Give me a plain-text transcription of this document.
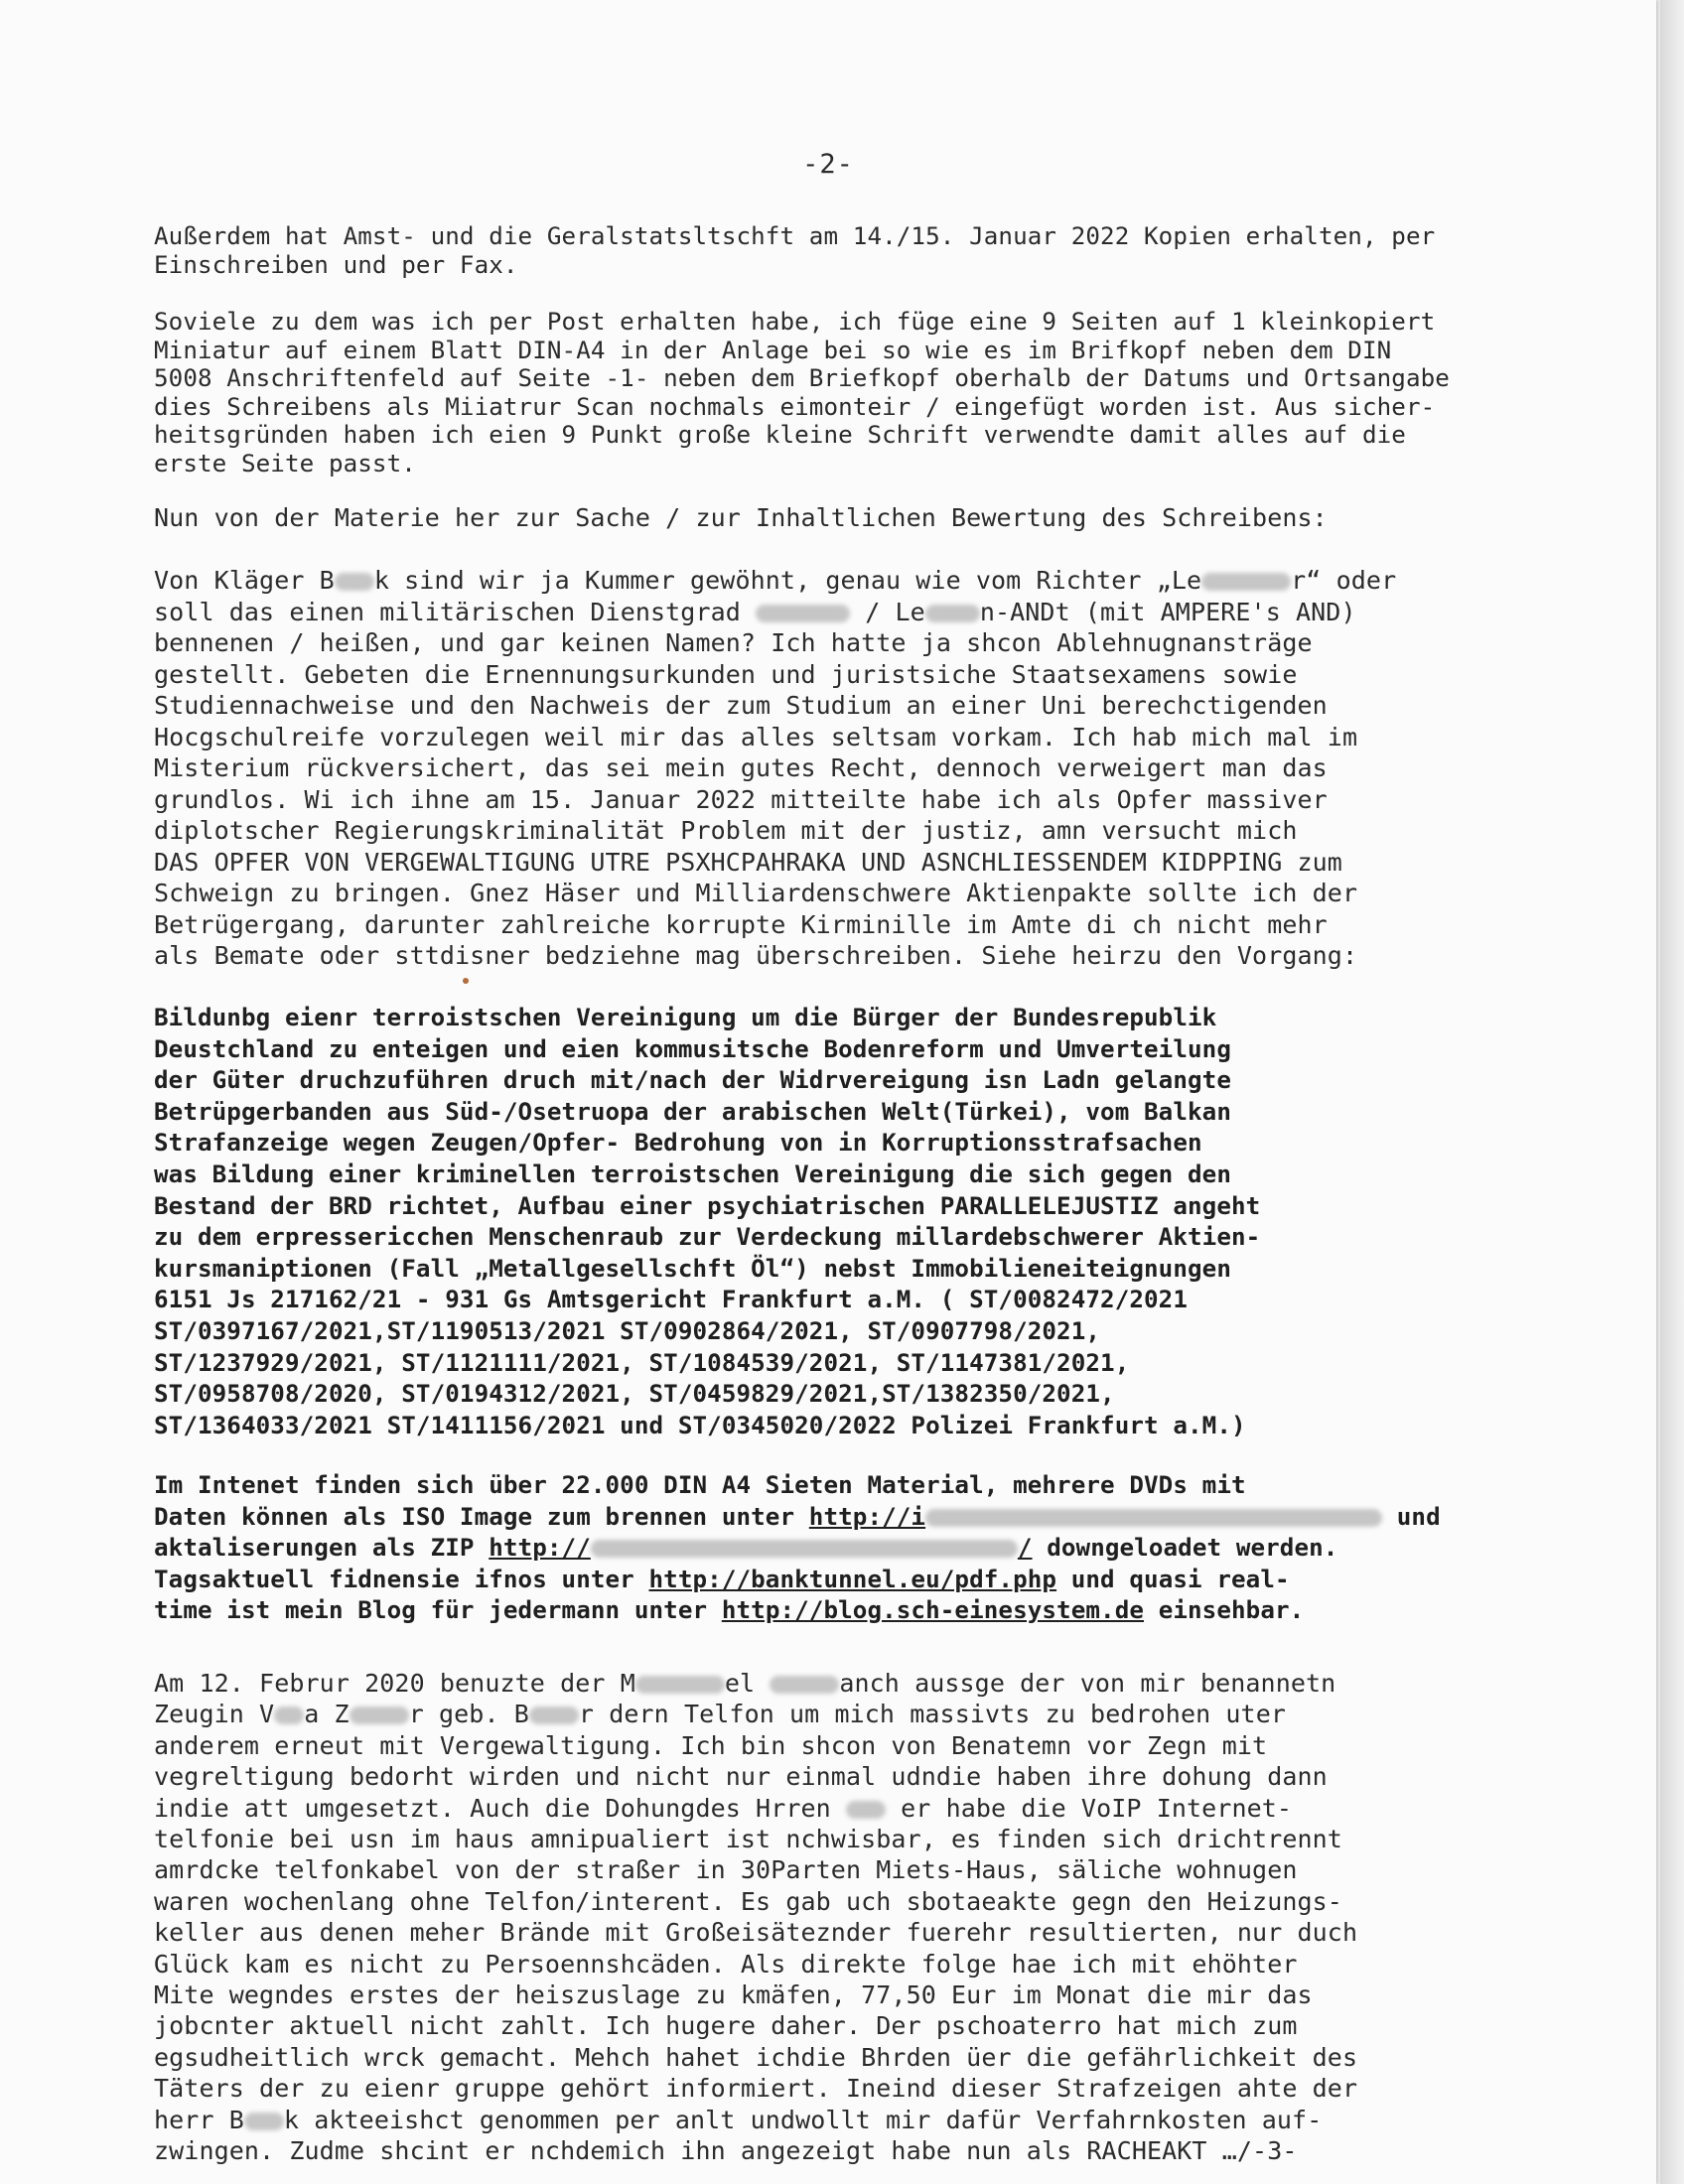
-2-
Außerdem hat Amst- und die Geralstatsltschft am 14./15. Januar 2022 Kopien erhalten, per
Einschreiben und per Fax.
Soviele zu dem was ich per Post erhalten habe, ich füge eine 9 Seiten auf 1 kleinkopiert
Miniatur auf einem Blatt DIN-A4 in der Anlage bei so wie es im Brifkopf neben dem DIN
5008 Anschriftenfeld auf Seite -1- neben dem Briefkopf oberhalb der Datums und Ortsangabe
dies Schreibens als Miiatrur Scan nochmals eimonteir / eingefügt worden ist. Aus sicher-
heitsgründen haben ich eien 9 Punkt große kleine Schrift verwendte damit alles auf die
erste Seite passt.
Nun von der Materie her zur Sache / zur Inhaltlichen Bewertung des Schreibens:
Von Kläger B k sind wir ja Kummer gewöhnt, genau wie vom Richter „Le	r“ oder
soll das einen militärischen Dienstgrad	/ Le n-ANDt (mit AMPERE's AND)
bennenen / heißen, und gar keinen Namen? Ich hatte ja shcon Ablehnugnansträge
gestellt. Gebeten die Ernennungsurkunden und juristsiche Staatsexamens sowie
Studiennachweise und den Nachweis der zum Studium an einer Uni berechctigenden
Hocgschulreife vorzulegen weil mir das alles seltsam vorkam. Ich hab mich mal im
Misterium rückversichert, das sei mein gutes Recht, dennoch verweigert man das
grundlos. Wi ich ihne am 15. Januar 2022 mitteilte habe ich als Opfer massiver
diplotscher Regierungskriminalität Problem mit der justiz, amn versucht mich
DAS OPFER VON VERGEWALTIGUNG UTRE PSXHCPAHRAKA UND ASNCHLIESSENDEM KIDPPING zum
Schweign zu bringen. Gnez Häser und Milliardenschwere Aktienpakte sollte ich der
Betrügergang, darunter zahlreiche korrupte Kirminille im Amte di ch nicht mehr
als Bemate oder sttdisner bedziehne mag überschreiben. Siehe heirzu den Vorgang:
Bildunbg eienr terroistschen Vereinigung um die Bürger der Bundesrepublik
Deustchland zu enteigen und eien kommusitsche Bodenreform und Umverteilung
der Güter druchzuführen druch mit/nach der Widrvereigung isn Ladn gelangte
Betrüpgerbanden aus Süd-/Osetruopa der arabischen Welt(Türkei), vom Balkan
Strafanzeige wegen Zeugen/Opfer- Bedrohung von in Korruptionsstrafsachen
was Bildung einer kriminellen terroistschen Vereinigung die sich gegen den
Bestand der BRD richtet, Aufbau einer psychiatrischen PARALLELEJUSTIZ angeht
zu dem erpressericchen Menschenraub zur Verdeckung millardebschwerer Aktien-
kursmaniptionen (Fall „Metallgesellschft Öl“) nebst Immobilieneiteignungen
6151 Js 217162/21 - 931 Gs Amtsgericht Frankfurt a.M. ( ST/0082472/2021
ST/0397167/2021,ST/1190513/2021 ST/0902864/2021, ST/0907798/2021,
ST/1237929/2021, ST/1121111/2021, ST/1084539/2021, ST/1147381/2021,
ST/0958708/2020, ST/0194312/2021, ST/0459829/2021,ST/1382350/2021,
ST/1364033/2021 ST/1411156/2021 und ST/0345020/2022 Polizei Frankfurt a.M.)
Im Intenet finden sich über 22.000 DIN A4 Sieten Material, mehrere DVDs mit
Daten können als ISO Image zum brennen unter http://i	und
aktaliserungen als ZIP http://	/ downgeloadet werden.
Tagsaktuell fidnensie ifnos unter http://banktunnel.eu/pdf.php und quasi real-
time ist mein Blog für jedermann unter http://blog.sch-einesystem.de einsehbar.
Am 12. Februr 2020 benuzte der M	el	anch aussge der von mir benannetn
Zeugin V a Z r geb. B r dern Telfon um mich massivts zu bedrohen uter
anderem erneut mit Vergewaltigung. Ich bin shcon von Benatemn vor Zegn mit
vegreltigung bedorht wirden und nicht nur einmal udndie haben ihre dohung dann
indie att umgesetzt. Auch die Dohungdes Hrren  er habe die VoIP Internet-
telfonie bei usn im haus amnipualiert ist nchwisbar, es finden sich drichtrennt
amrdcke telfonkabel von der straßer in 30Parten Miets-Haus, säliche wohnugen
waren wochenlang ohne Telfon/interent. Es gab uch sbotaeakte gegn den Heizungs-
keller aus denen meher Brände mit Großeisäteznder fuerehr resultierten, nur duch
Glück kam es nicht zu Persoennshcäden. Als direkte folge hae ich mit ehöhter
Mite wegndes erstes der heiszuslage zu kmäfen, 77,50 Eur im Monat die mir das
jobcnter aktuell nicht zahlt. Ich hugere daher. Der pschoaterro hat mich zum
egsudheitlich wrck gemacht. Mehch hahet ichdie Bhrden üer die gefährlichkeit des
Täters der zu eienr gruppe gehört informiert. Ineind dieser Strafzeigen ahte der
herr B k akteeishct genommen per anlt undwollt mir dafür Verfahrnkosten auf-
zwingen. Zudme shcint er nchdemich ihn angezeigt habe nun als RACHEAKT …/-3-
